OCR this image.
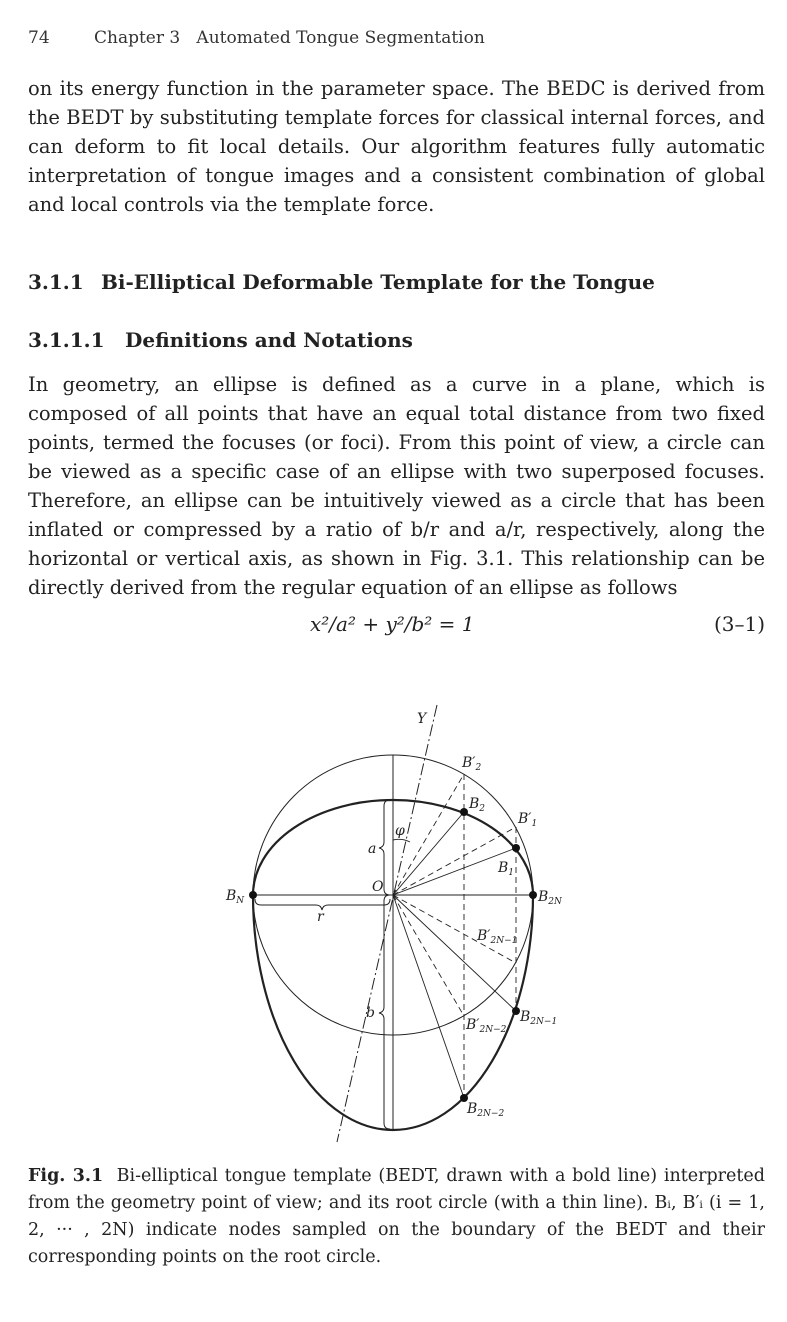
74	Chapter 3   Automated Tongue Segmentation

on its energy function in the parameter space. The BEDC is derived from the BEDT by substituting template forces for classical internal forces, and can deform to fit local details. Our algorithm features fully automatic interpretation of tongue images and a consistent combination of global and local controls via the template force.

3.1.1 Bi-Elliptical Deformable Template for the Tongue
3.1.1.1 Definitions and Notations

In geometry, an ellipse is defined as a curve in a plane, which is composed of all points that have an equal total distance from two fixed points, termed the focuses (or foci). From this point of view, a circle can be viewed as a specific case of an ellipse with two superposed focuses. Therefore, an ellipse can be intuitively viewed as a circle that has been inflated or compressed by a ratio of b/r and a/r, respectively, along the horizontal or vertical axis, as shown in Fig. 3.1. This relationship can be directly derived from the regular equation of an ellipse as follows

x²/a² + y²/b² = 1	(3–1)
Y
O
a
b
r
φ
$B_N$	$B_{2N}$
$B_2$
$B_1$
$B'_2$
$B'_1$
$B'_{2N-1}$
$B_{2N-1}$
$B'_{2N-2}$
$B_{2N-2}$

Fig. 3.1 Bi-elliptical tongue template (BEDT, drawn with a bold line) interpreted from the geometry point of view; and its root circle (with a thin line). Bᵢ, B′ᵢ (i = 1, 2, ··· , 2N) indicate nodes sampled on the boundary of the BEDT and their corresponding points on the root circle.
